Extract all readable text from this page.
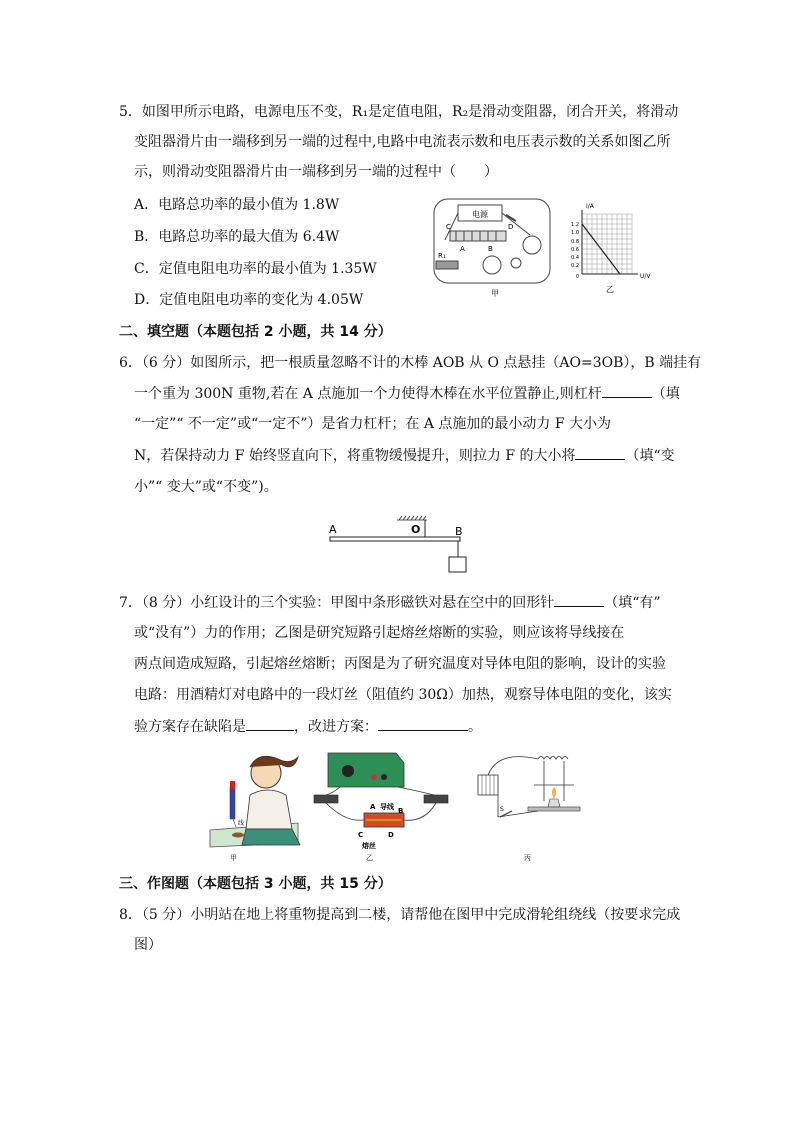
5．如图甲所示电路，电源电压不变，R₁是定值电阻，R₂是滑动变阻器，闭合开关，将滑动
变阻器滑片由一端移到另一端的过程中,电路中电流表示数和电压表示数的关系如图乙所
示，则滑动变阻器滑片由一端移到另一端的过程中（　　）
A．电路总功率的最小值为 1.8W
B．电路总功率的最大值为 6.4W
C．定值电阻电功率的最小值为 1.35W
D．定值电阻电功率的变化为 4.05W
电源
C	D
A	B
R₁
甲
I/A
U/V
1.2
1.0
0.8
0.6
0.4
0.2
0
乙
二、填空题（本题包括 2 小题，共 14 分）
6．（6 分）如图所示，把一根质量忽略不计的木棒 AOB 从 O 点悬挂（AO=3OB），B 端挂有
一个重为 300N 重物,若在 A 点施加一个力使得木棒在水平位置静止,则杠杆	（填
“一定”“ 不一定”或“一定不”）是省力杠杆；在 A 点施加的最小动力 F 大小为
N，若保持动力 F 始终竖直向下，将重物缓慢提升，则拉力 F 的大小将	（填“变
小”“ 变大”或“不变”)。
A	O	B
7．（8 分）小红设计的三个实验：甲图中条形磁铁对悬在空中的回形针	（填“有”
或“没有”）力的作用；乙图是研究短路引起熔丝熔断的实验，则应该将导线接在
两点间造成短路，引起熔丝熔断；丙图是为了研究温度对导体电阻的影响，设计的实验
电路：用酒精灯对电路中的一段灯丝（阻值约 30Ω）加热，观察导体电阻的变化，该实
验方案存在缺陷是	，改进方案：	。
线
甲
导线
A	B
C	D
熔丝
乙
S
丙
三、作图题（本题包括 3 小题，共 15 分）
8．（5 分）小明站在地上将重物提高到二楼，请帮他在图甲中完成滑轮组绕线（按要求完成
图）
